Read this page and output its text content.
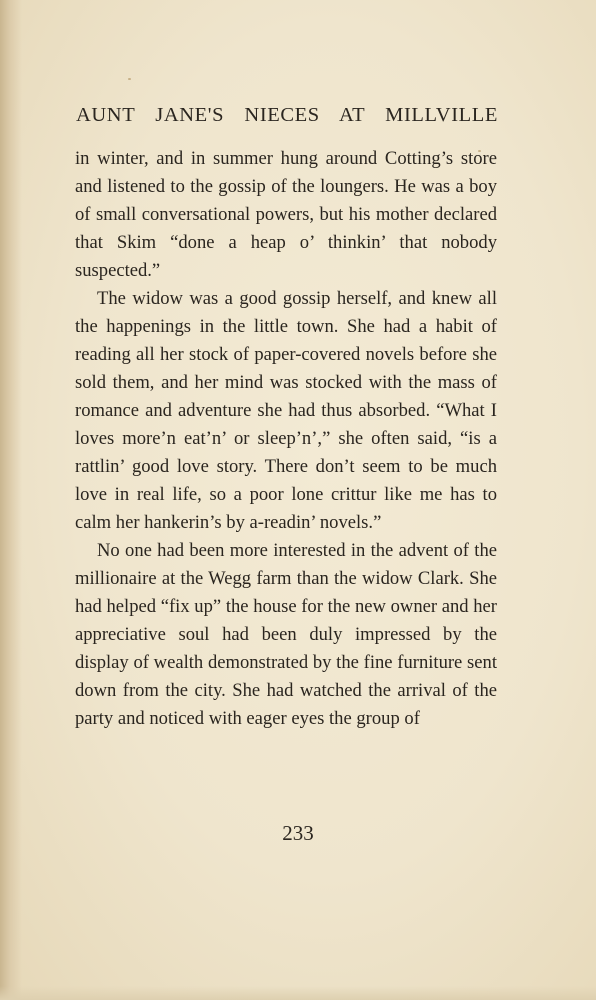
AUNT JANE'S NIECES AT MILLVILLE

in winter, and in summer hung around Cotting’s store and listened to the gossip of the loungers. He was a boy of small conversational powers, but his mother declared that Skim “done a heap o’ thinkin’ that nobody suspected.”

The widow was a good gossip herself, and knew all the happenings in the little town. She had a habit of reading all her stock of paper-covered novels before she sold them, and her mind was stocked with the mass of romance and adventure she had thus absorbed. “What I loves more’n eat’n’ or sleep’n’,” she often said, “is a rattlin’ good love story. There don’t seem to be much love in real life, so a poor lone crittur like me has to calm her hankerin’s by a-readin’ novels.”

No one had been more interested in the advent of the millionaire at the Wegg farm than the widow Clark. She had helped “fix up” the house for the new owner and her appreciative soul had been duly impressed by the display of wealth demonstrated by the fine furniture sent down from the city. She had watched the arrival of the party and noticed with eager eyes the group of

233
